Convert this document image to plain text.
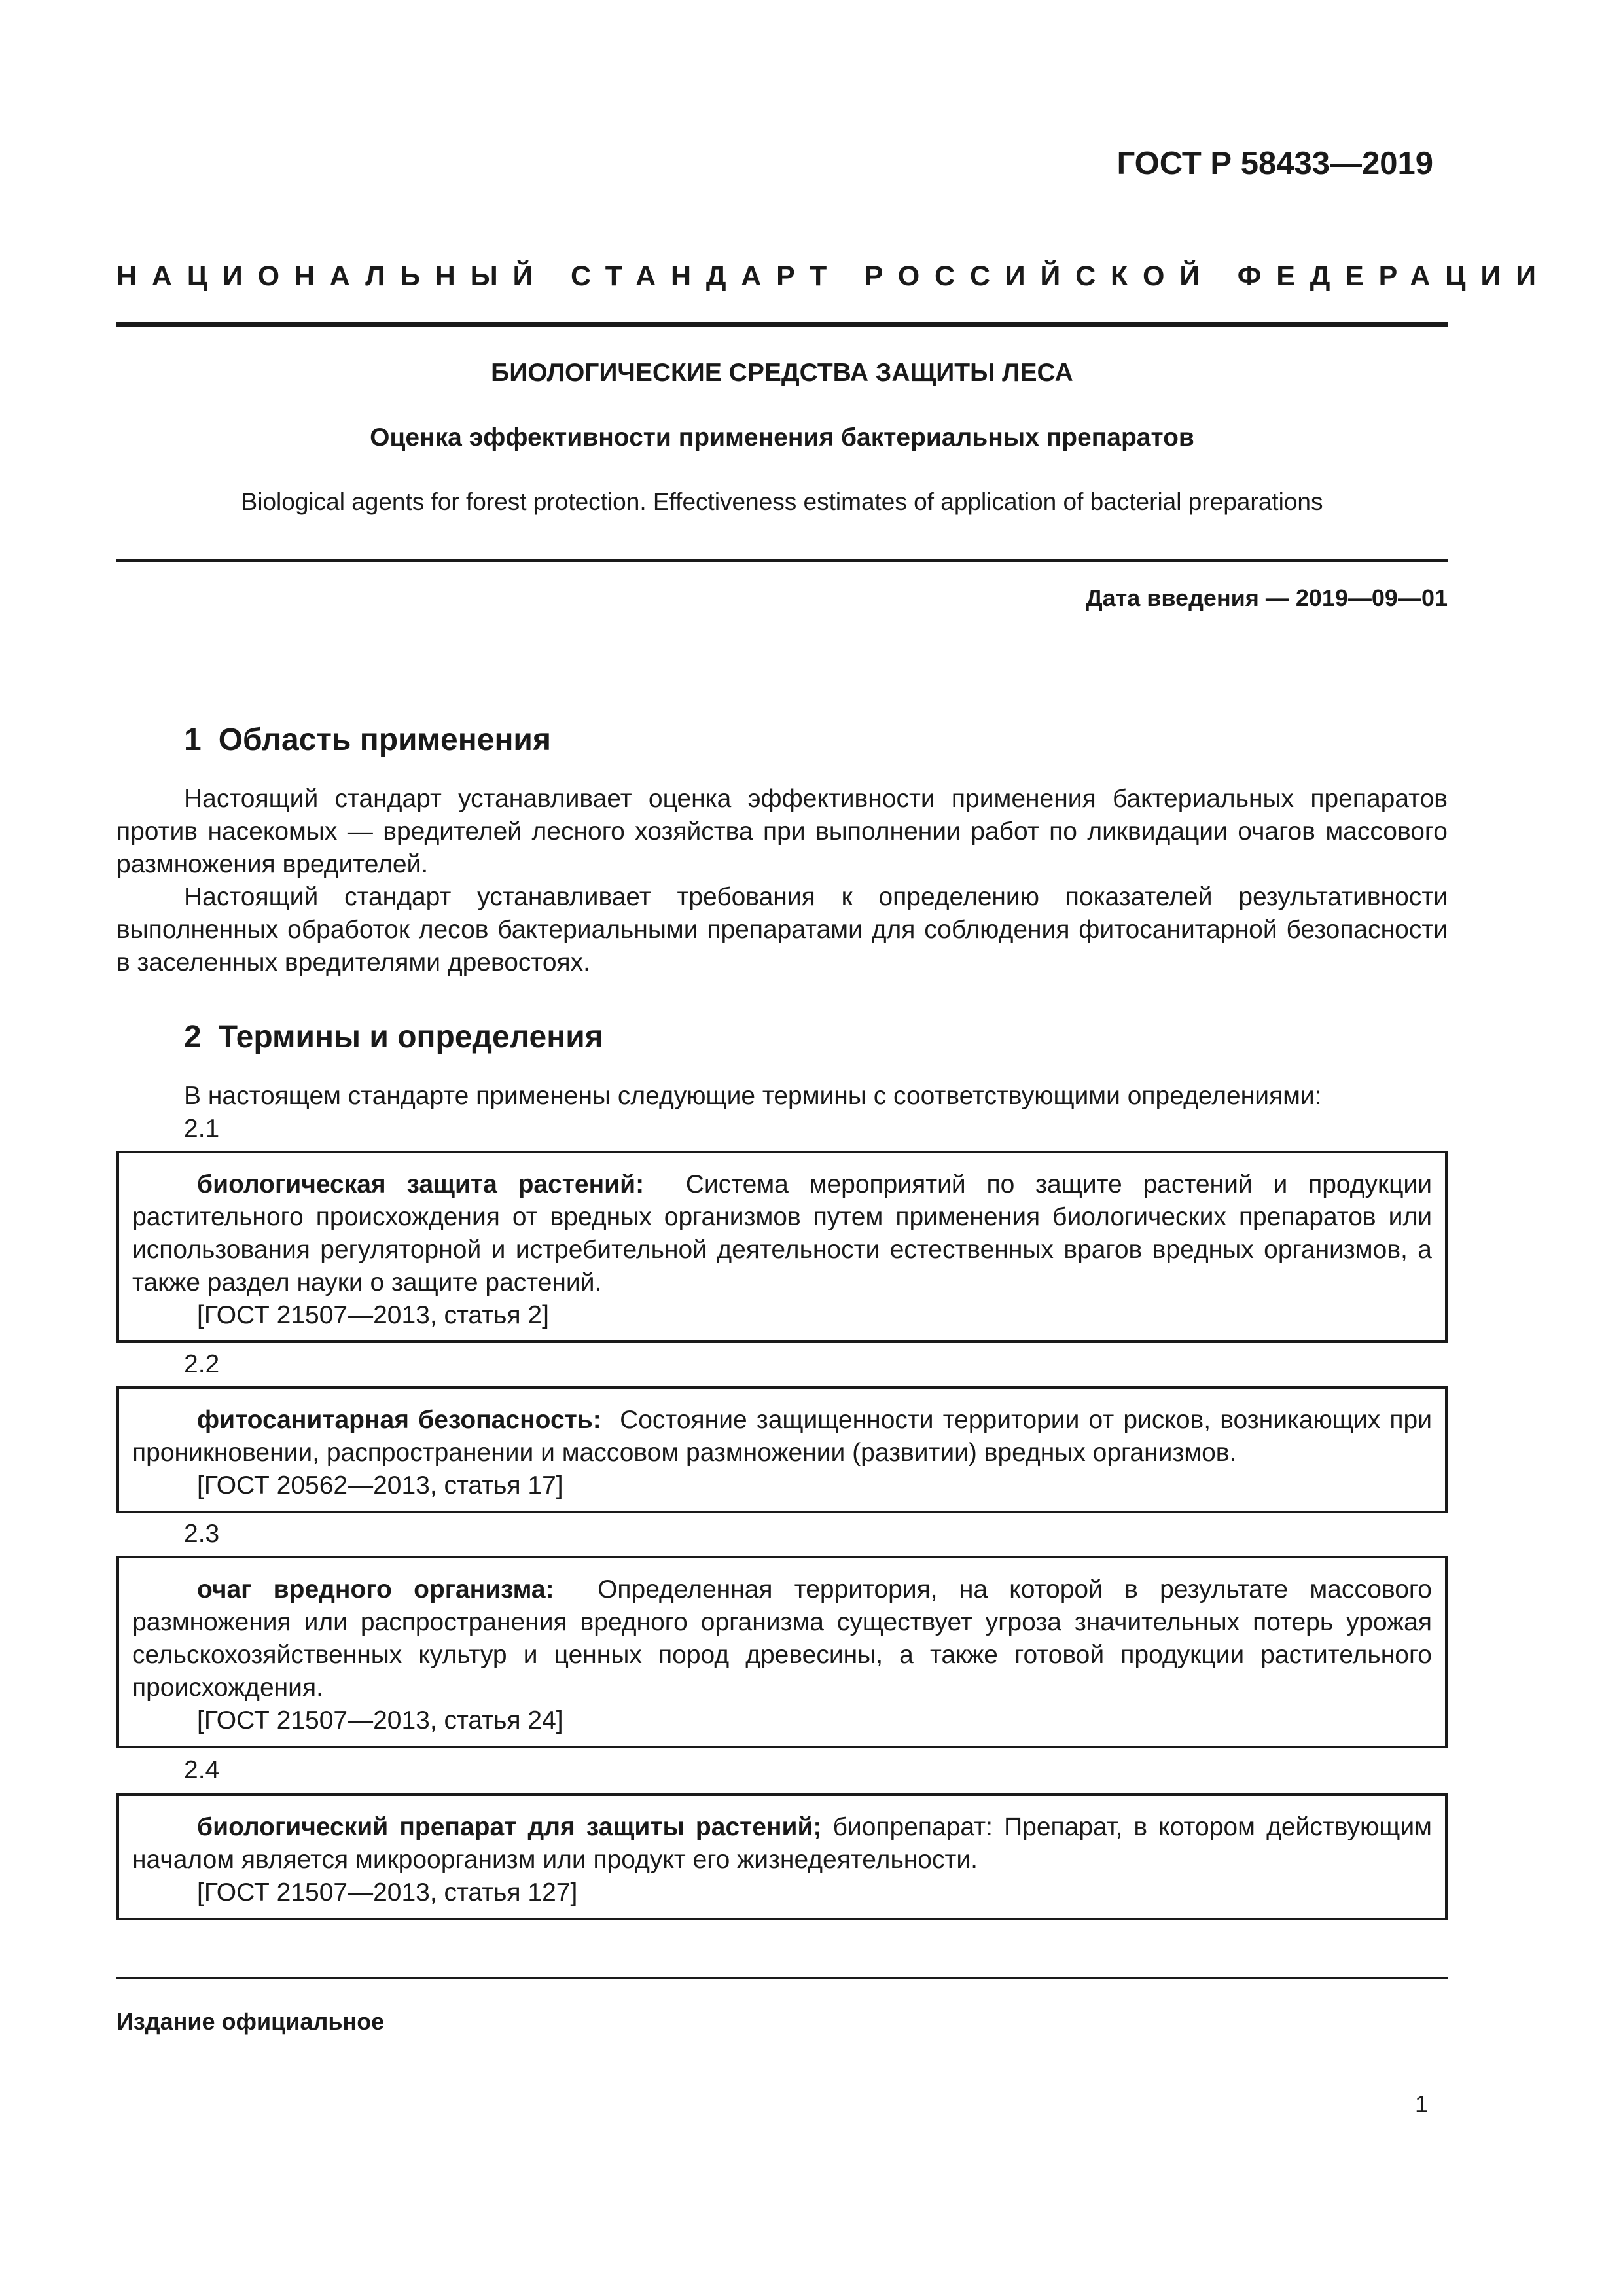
ГОСТ Р 58433—2019
НАЦИОНАЛЬНЫЙ СТАНДАРТ РОССИЙСКОЙ ФЕДЕРАЦИИ
БИОЛОГИЧЕСКИЕ СРЕДСТВА ЗАЩИТЫ ЛЕСА
Оценка эффективности применения бактериальных препаратов
Biological agents for forest protection. Effectiveness estimates of application of bacterial preparations
Дата введения — 2019—09—01
1 Область применения
Настоящий стандарт устанавливает оценка эффективности применения бактериальных препаратов против насекомых — вредителей лесного хозяйства при выполнении работ по ликвидации очагов массового размножения вредителей.
Настоящий стандарт устанавливает требования к определению показателей результативности выполненных обработок лесов бактериальными препаратами для соблюдения фитосанитарной безопасности в заселенных вредителями древостоях.
2 Термины и определения
В настоящем стандарте применены следующие термины с соответствующими определениями:
2.1

биологическая защита растений: Система мероприятий по защите растений и продукции растительного происхождения от вредных организмов путем применения биологических препаратов или использования регуляторной и истребительной деятельности естественных врагов вредных организмов, а также раздел науки о защите растений.

[ГОСТ 21507—2013, статья 2]

2.2

фитосанитарная безопасность: Состояние защищенности территории от рисков, возникающих при проникновении, распространении и массовом размножении (развитии) вредных организмов.

[ГОСТ 20562—2013, статья 17]

2.3

очаг вредного организма: Определенная территория, на которой в результате массового размножения или распространения вредного организма существует угроза значительных потерь урожая сельскохозяйственных культур и ценных пород древесины, а также готовой продукции растительного происхождения.

[ГОСТ 21507—2013, статья 24]

2.4

биологический препарат для защиты растений; биопрепарат: Препарат, в котором действующим началом является микроорганизм или продукт его жизнедеятельности.

[ГОСТ 21507—2013, статья 127]

Издание официальное
1
